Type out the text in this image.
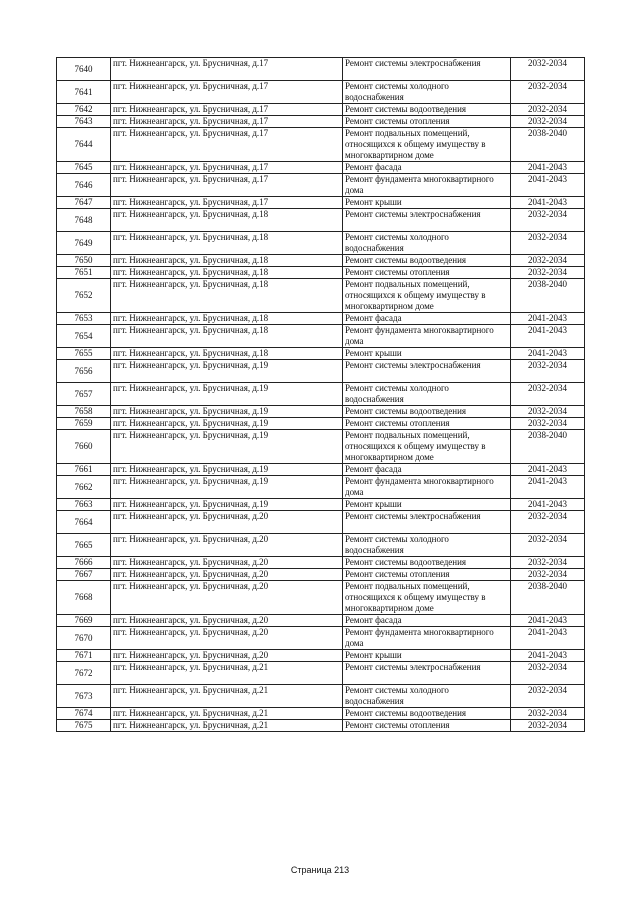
7640	пгт. Нижнеангарск, ул. Брусничная, д.17	Ремонт системы электроснабжения	2032-2034
7641	пгт. Нижнеангарск, ул. Брусничная, д.17	Ремонт системы холодного
водоснабжения	2032-2034
7642	пгт. Нижнеангарск, ул. Брусничная, д.17	Ремонт системы водоотведения	2032-2034
7643	пгт. Нижнеангарск, ул. Брусничная, д.17	Ремонт системы отопления	2032-2034
7644	пгт. Нижнеангарск, ул. Брусничная, д.17	Ремонт подвальных помещений,
относящихся к общему имуществу в
многоквартирном доме	2038-2040
7645	пгт. Нижнеангарск, ул. Брусничная, д.17	Ремонт фасада	2041-2043
7646	пгт. Нижнеангарск, ул. Брусничная, д.17	Ремонт фундамента многоквартирного
дома	2041-2043
7647	пгт. Нижнеангарск, ул. Брусничная, д.17	Ремонт крыши	2041-2043
7648	пгт. Нижнеангарск, ул. Брусничная, д.18	Ремонт системы электроснабжения	2032-2034
7649	пгт. Нижнеангарск, ул. Брусничная, д.18	Ремонт системы холодного
водоснабжения	2032-2034
7650	пгт. Нижнеангарск, ул. Брусничная, д.18	Ремонт системы водоотведения	2032-2034
7651	пгт. Нижнеангарск, ул. Брусничная, д.18	Ремонт системы отопления	2032-2034
7652	пгт. Нижнеангарск, ул. Брусничная, д.18	Ремонт подвальных помещений,
относящихся к общему имуществу в
многоквартирном доме	2038-2040
7653	пгт. Нижнеангарск, ул. Брусничная, д.18	Ремонт фасада	2041-2043
7654	пгт. Нижнеангарск, ул. Брусничная, д.18	Ремонт фундамента многоквартирного
дома	2041-2043
7655	пгт. Нижнеангарск, ул. Брусничная, д.18	Ремонт крыши	2041-2043
7656	пгт. Нижнеангарск, ул. Брусничная, д.19	Ремонт системы электроснабжения	2032-2034
7657	пгт. Нижнеангарск, ул. Брусничная, д.19	Ремонт системы холодного
водоснабжения	2032-2034
7658	пгт. Нижнеангарск, ул. Брусничная, д.19	Ремонт системы водоотведения	2032-2034
7659	пгт. Нижнеангарск, ул. Брусничная, д.19	Ремонт системы отопления	2032-2034
7660	пгт. Нижнеангарск, ул. Брусничная, д.19	Ремонт подвальных помещений,
относящихся к общему имуществу в
многоквартирном доме	2038-2040
7661	пгт. Нижнеангарск, ул. Брусничная, д.19	Ремонт фасада	2041-2043
7662	пгт. Нижнеангарск, ул. Брусничная, д.19	Ремонт фундамента многоквартирного
дома	2041-2043
7663	пгт. Нижнеангарск, ул. Брусничная, д.19	Ремонт крыши	2041-2043
7664	пгт. Нижнеангарск, ул. Брусничная, д.20	Ремонт системы электроснабжения	2032-2034
7665	пгт. Нижнеангарск, ул. Брусничная, д.20	Ремонт системы холодного
водоснабжения	2032-2034
7666	пгт. Нижнеангарск, ул. Брусничная, д.20	Ремонт системы водоотведения	2032-2034
7667	пгт. Нижнеангарск, ул. Брусничная, д.20	Ремонт системы отопления	2032-2034
7668	пгт. Нижнеангарск, ул. Брусничная, д.20	Ремонт подвальных помещений,
относящихся к общему имуществу в
многоквартирном доме	2038-2040
7669	пгт. Нижнеангарск, ул. Брусничная, д.20	Ремонт фасада	2041-2043
7670	пгт. Нижнеангарск, ул. Брусничная, д.20	Ремонт фундамента многоквартирного
дома	2041-2043
7671	пгт. Нижнеангарск, ул. Брусничная, д.20	Ремонт крыши	2041-2043
7672	пгт. Нижнеангарск, ул. Брусничная, д.21	Ремонт системы электроснабжения	2032-2034
7673	пгт. Нижнеангарск, ул. Брусничная, д.21	Ремонт системы холодного
водоснабжения	2032-2034
7674	пгт. Нижнеангарск, ул. Брусничная, д.21	Ремонт системы водоотведения	2032-2034
7675	пгт. Нижнеангарск, ул. Брусничная, д.21	Ремонт системы отопления	2032-2034
Страница 213
